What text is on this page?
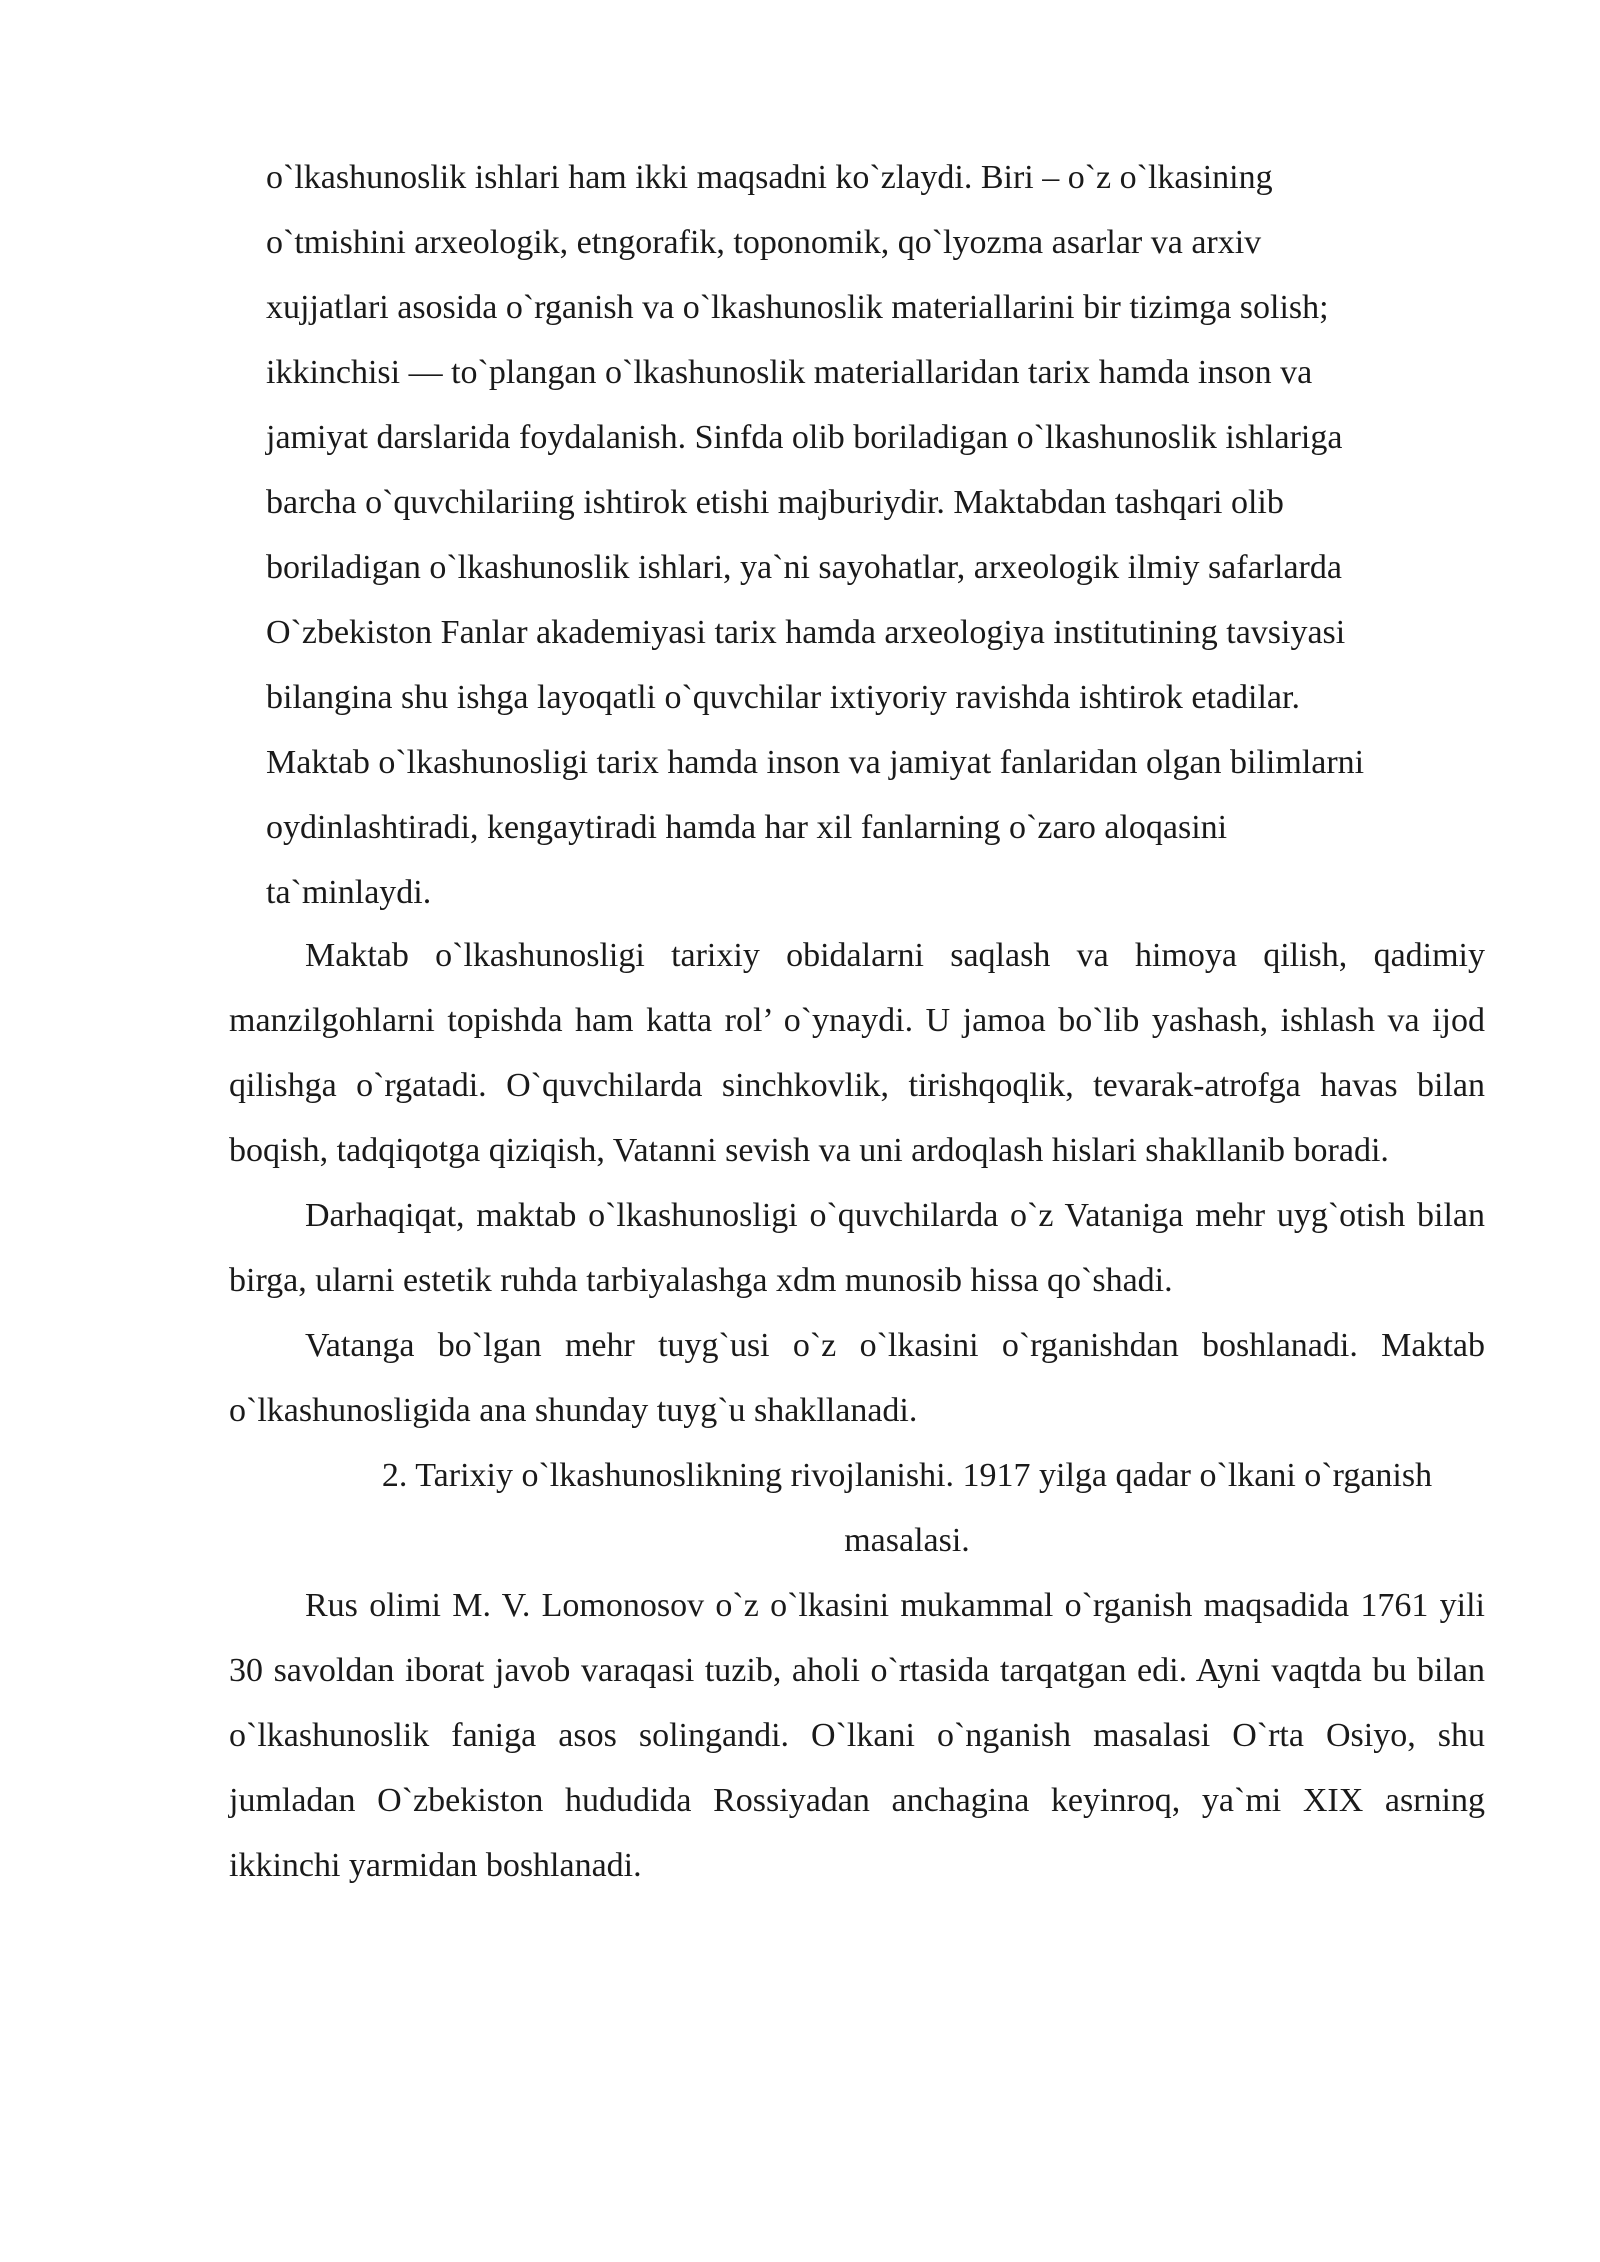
o`lkashunoslik ishlari ham ikki maqsadni ko`zlaydi. Biri – o`z o`lkasining
o`tmishini arxeologik, etngorafik, toponomik, qo`lyozma asarlar va arxiv
xujjatlari asosida o`rganish va o`lkashunoslik materiallarini bir tizimga solish;
ikkinchisi — to`plangan o`lkashunoslik materiallaridan tarix hamda inson va
jamiyat darslarida foydalanish. Sinfda olib boriladigan o`lkashunoslik ishlariga
barcha o`quvchilariing ishtirok etishi majburiydir. Maktabdan tashqari olib
boriladigan o`lkashunoslik ishlari, ya`ni sayohatlar, arxeologik ilmiy safarlarda
O`zbekiston Fanlar akademiyasi tarix hamda arxeologiya institutining tavsiyasi
bilangina shu ishga layoqatli o`quvchilar ixtiyoriy ravishda ishtirok etadilar.
Maktab o`lkashunosligi tarix hamda inson va jamiyat fanlaridan olgan bilimlarni
oydinlashtiradi, kengaytiradi hamda har xil fanlarning o`zaro aloqasini
ta`minlaydi.

Maktab o`lkashunosligi tarixiy obidalarni saqlash va himoya qilish, qadimiy manzilgohlarni topishda ham katta rol’ o`ynaydi. U jamoa bo`lib yashash, ishlash va ijod qilishga o`rgatadi. O`quvchilarda sinchkovlik, tirishqoqlik, tevarak-atrofga havas bilan boqish, tadqiqotga qiziqish, Vatanni sevish va uni ardoqlash hislari shakllanib boradi.

Darhaqiqat, maktab o`lkashunosligi o`quvchilarda o`z Vataniga mehr uyg`otish bilan birga, ularni estetik ruhda tarbiyalashga xdm munosib hissa qo`shadi.

Vatanga bo`lgan mehr tuyg`usi o`z o`lkasini o`rganishdan boshlanadi. Maktab o`lkashunosligida ana shunday tuyg`u shakllanadi.

2. Tarixiy o`lkashunoslikning rivojlanishi. 1917 yilga qadar o`lkani o`rganish masalasi.

Rus olimi M. V. Lomonosov o`z o`lkasini mukammal o`rganish maqsadida 1761 yili 30 savoldan iborat javob varaqasi tuzib, aholi o`rtasida tarqatgan edi. Ayni vaqtda bu bilan o`lkashunoslik faniga asos solingandi. O`lkani o`nganish masalasi O`rta Osiyo, shu jumladan O`zbekiston hududida Rossiyadan anchagina keyinroq, ya`mi XIX asrning ikkinchi yarmidan boshlanadi.
